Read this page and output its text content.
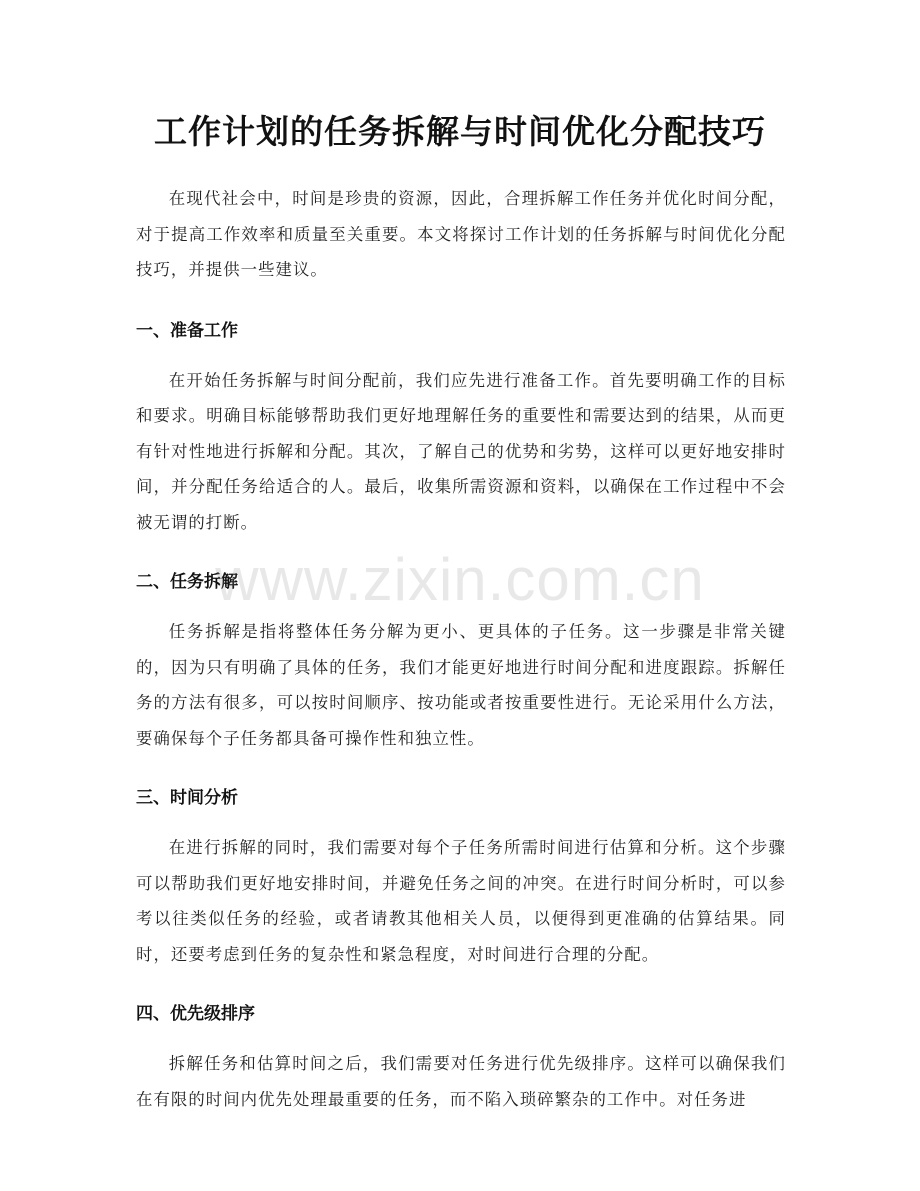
工作计划的任务拆解与时间优化分配技巧

在现代社会中，时间是珍贵的资源，因此，合理拆解工作任务并优化时间分配，对于提高工作效率和质量至关重要。本文将探讨工作计划的任务拆解与时间优化分配技巧，并提供一些建议。

一、准备工作

在开始任务拆解与时间分配前，我们应先进行准备工作。首先要明确工作的目标和要求。明确目标能够帮助我们更好地理解任务的重要性和需要达到的结果，从而更有针对性地进行拆解和分配。其次，了解自己的优势和劣势，这样可以更好地安排时间，并分配任务给适合的人。最后，收集所需资源和资料，以确保在工作过程中不会被无谓的打断。

二、任务拆解

任务拆解是指将整体任务分解为更小、更具体的子任务。这一步骤是非常关键的，因为只有明确了具体的任务，我们才能更好地进行时间分配和进度跟踪。拆解任务的方法有很多，可以按时间顺序、按功能或者按重要性进行。无论采用什么方法，要确保每个子任务都具备可操作性和独立性。

三、时间分析

在进行拆解的同时，我们需要对每个子任务所需时间进行估算和分析。这个步骤可以帮助我们更好地安排时间，并避免任务之间的冲突。在进行时间分析时，可以参考以往类似任务的经验，或者请教其他相关人员，以便得到更准确的估算结果。同时，还要考虑到任务的复杂性和紧急程度，对时间进行合理的分配。

四、优先级排序

拆解任务和估算时间之后，我们需要对任务进行优先级排序。这样可以确保我们在有限的时间内优先处理最重要的任务，而不陷入琐碎繁杂的工作中。对任务进

www.zixin.com.cn
